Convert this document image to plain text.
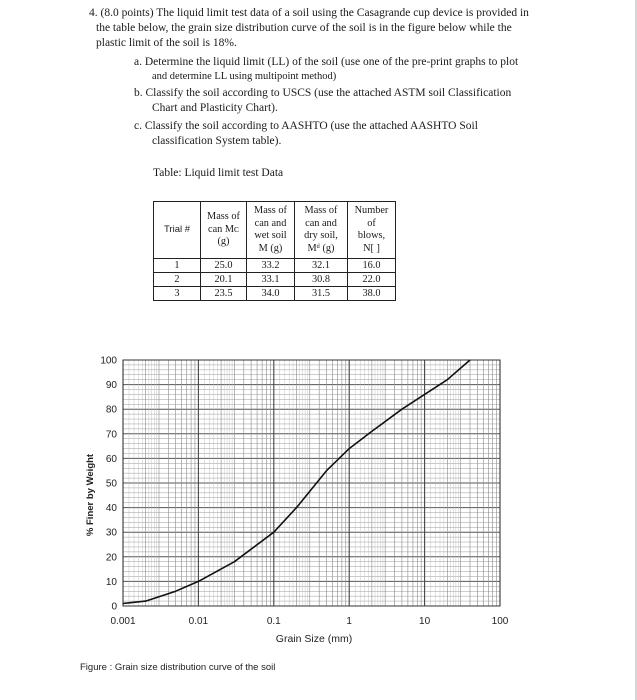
4. (8.0 points) The liquid limit test data of a soil using the Casagrande cup device is provided in
the table below, the grain size distribution curve of the soil is in the figure below while the
plastic limit of the soil is 18%.
a. Determine the liquid limit (LL) of the soil (use one of the pre-print graphs to plot
and determine LL using multipoint method)
b. Classify the soil according to USCS (use the attached ASTM soil Classification
Chart and Plasticity Chart).
c. Classify the soil according to AASHTO (use the attached AASHTO Soil
classification System table).
Table: Liquid limit test Data
Trial #	Mass of
can Mᴄ
(g)	Mass of
can and
wet soil
M (g)	Mass of
can and
dry soil,
Mᵈ (g)	Number
of
blows,
N[ ]
1	25.0	33.2	32.1	16.0
2	20.1	33.1	30.8	22.0
3	23.5	34.0	31.5	38.0
0
10
20
30
40
50
60
70
80
90
100
0.001	0.01	0.1	1	10	100
% Finer by Weight
Grain Size (mm)
Figure : Grain size distribution curve of the soil
